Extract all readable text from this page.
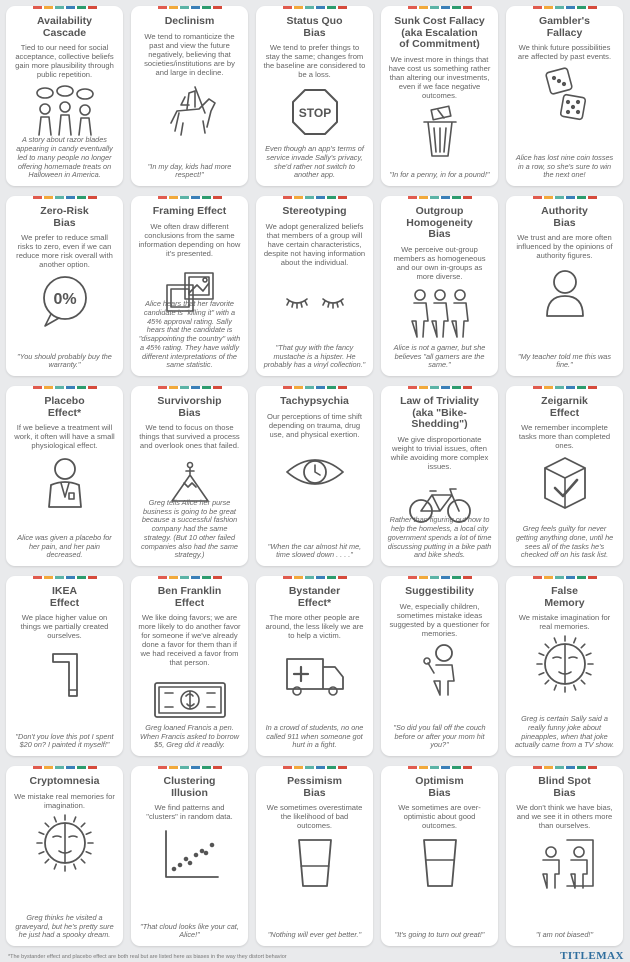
Availability
Cascade
Tied to our need for social acceptance, collective beliefs gain more plausibility through public repetition.
A story about razor blades appearing in candy eventually led to many people no longer offering homemade treats on Halloween in America.
Declinism
We tend to romanticize the past and view the future negatively, believing that societies/institutions are by and large in decline.
"In my day, kids had more respect!"
Status Quo
Bias
We tend to prefer things to stay the same; changes from the baseline are considered to be a loss.
STOP
Even though an app's terms of service invade Sally's privacy, she'd rather not switch to another app.
Sunk Cost Fallacy
(aka Escalation
of Commitment)
We invest more in things that have cost us something rather than altering our investments, even if we face negative outcomes.
"In for a penny, in for a pound!"
Gambler's
Fallacy
We think future possibilities are affected by past events.
Alice has lost nine coin tosses in a row, so she's sure to win the next one!
Zero-Risk
Bias
We prefer to reduce small risks to zero, even if we can reduce more risk overall with another option.
0%
"You should probably buy the warranty."
Framing Effect
We often draw different conclusions from the same information depending on how it's presented.
Alice hears that her favorite candidate is "killing it" with a 45% approval rating. Sally hears that the candidate is "disappointing the country" with a 45% rating. They have wildly different interpretations of the same statistic.
Stereotyping
We adopt generalized beliefs that members of a group will have certain characteristics, despite not having information about the individual.
"That guy with the fancy mustache is a hipster. He probably has a vinyl collection."
Outgroup Homogeneity
Bias
We perceive out-group members as homogeneous and our own in-groups as more diverse.
Alice is not a gamer, but she believes "all gamers are the same."
Authority
Bias
We trust and are more often influenced by the opinions of authority figures.
"My teacher told me this was fine."
Placebo
Effect*
If we believe a treatment will work, it often will have a small physiological effect.
Alice was given a placebo for her pain, and her pain decreased.
Survivorship
Bias
We tend to focus on those things that survived a process and overlook ones that failed.
Greg tells Alice her purse business is going to be great because a successful fashion company had the same strategy. (But 10 other failed companies also had the same strategy.)
Tachypsychia
Our perceptions of time shift depending on trauma, drug use, and physical exertion.
"When the car almost hit me, time slowed down . . . ."
Law of Triviality
(aka "Bike-Shedding")
We give disproportionate weight to trivial issues, often while avoiding more complex issues.
Rather than figuring out how to help the homeless, a local city government spends a lot of time discussing putting in a bike path and bike sheds.
Zeigarnik
Effect
We remember incomplete tasks more than completed ones.
Greg feels guilty for never getting anything done, until he sees all of the tasks he's checked off on his task list.
IKEA
Effect
We place higher value on things we partially created ourselves.
"Don't you love this pot I spent $20 on? I painted it myself!"
Ben Franklin
Effect
We like doing favors; we are more likely to do another favor for someone if we've already done a favor for them than if we had received a favor from that person.
Greg loaned Francis a pen. When Francis asked to borrow $5, Greg did it readily.
Bystander
Effect*
The more other people are around, the less likely we are to help a victim.
In a crowd of students, no one called 911 when someone got hurt in a fight.
Suggestibility
We, especially children, sometimes mistake ideas suggested by a questioner for memories.
"So did you fall off the couch before or after your mom hit you?"
False
Memory
We mistake imagination for real memories.
Greg is certain Sally said a really funny joke about pineapples, when that joke actually came from a TV show.
Cryptomnesia
We mistake real memories for imagination.
Greg thinks he visited a graveyard, but he's pretty sure he just had a spooky dream.
Clustering
Illusion
We find patterns and "clusters" in random data.
"That cloud looks like your cat, Alice!"
Pessimism
Bias
We sometimes overestimate the likelihood of bad outcomes.
"Nothing will ever get better."
Optimism
Bias
We sometimes are over-optimistic about good outcomes.
"It's going to turn out great!"
Blind Spot
Bias
We don't think we have bias, and we see it in others more than ourselves.
"I am not biased!"
*The bystander effect and placebo effect are both real but are listed here as biases in the way they distort behavior	TITLEMAX
